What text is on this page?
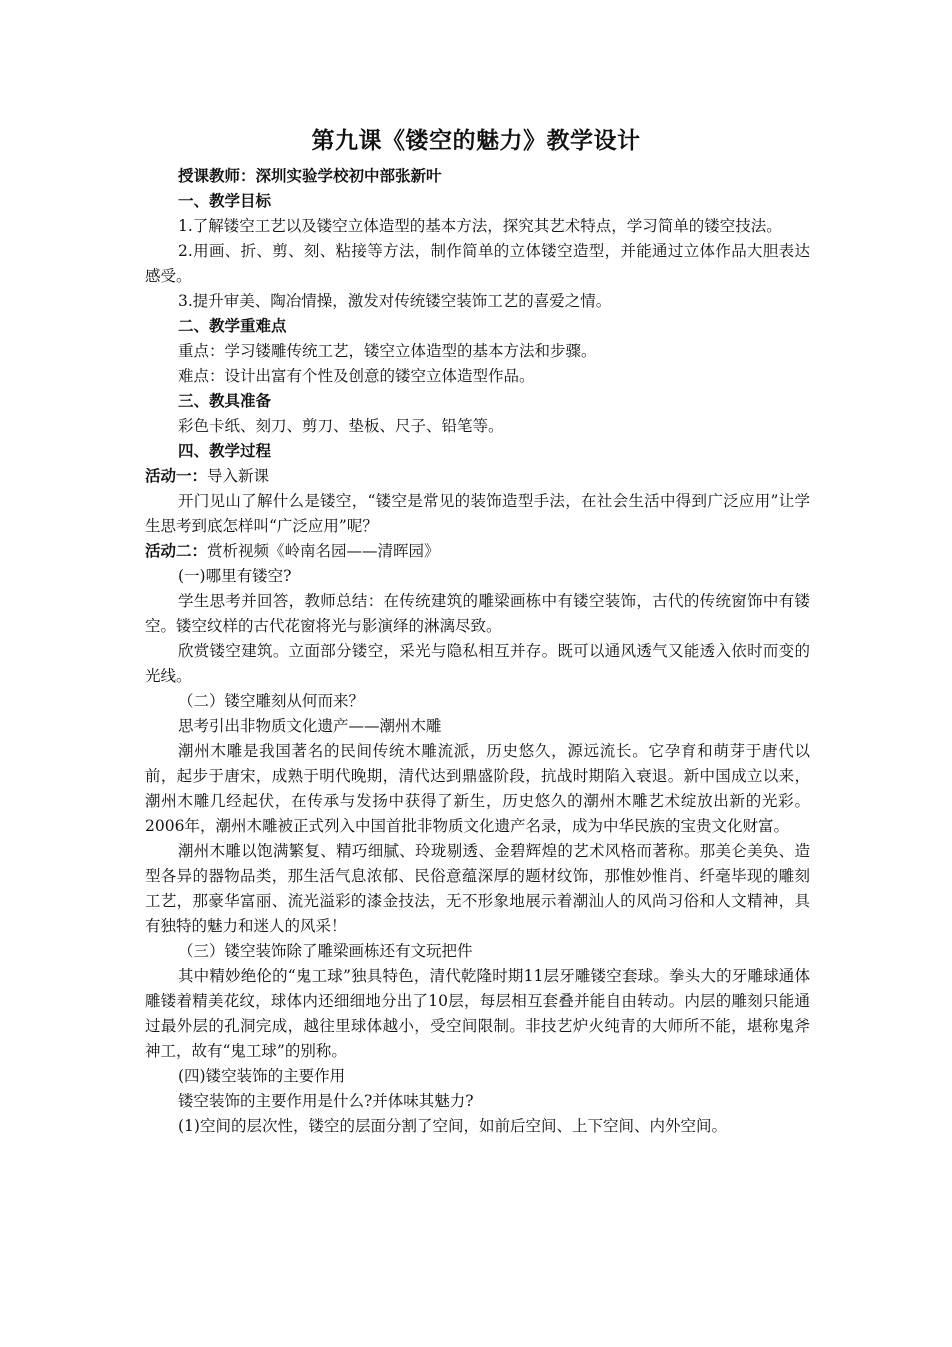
第九课《镂空的魅力》教学设计

授课教师：深圳实验学校初中部张新叶

一、教学目标

1.了解镂空工艺以及镂空立体造型的基本方法，探究其艺术特点，学习简单的镂空技法。

2.用画、折、剪、刻、粘接等方法，制作简单的立体镂空造型，并能通过立体作品大胆表达感受。

3.提升审美、陶冶情操，激发对传统镂空装饰工艺的喜爱之情。

二、教学重难点

重点：学习镂雕传统工艺，镂空立体造型的基本方法和步骤。

难点：设计出富有个性及创意的镂空立体造型作品。

三、教具准备

彩色卡纸、刻刀、剪刀、垫板、尺子、铅笔等。

四、教学过程

活动一：导入新课

开门见山了解什么是镂空，“镂空是常见的装饰造型手法，在社会生活中得到广泛应用”让学生思考到底怎样叫“广泛应用”呢？

活动二：赏析视频《岭南名园——清晖园》

(一)哪里有镂空?

学生思考并回答，教师总结：在传统建筑的雕梁画栋中有镂空装饰，古代的传统窗饰中有镂空。镂空纹样的古代花窗将光与影演绎的淋漓尽致。

欣赏镂空建筑。立面部分镂空，采光与隐私相互并存。既可以通风透气又能透入依时而变的光线。

（二）镂空雕刻从何而来？

思考引出非物质文化遗产——潮州木雕

潮州木雕是我国著名的民间传统木雕流派，历史悠久，源远流长。它孕育和萌芽于唐代以前，起步于唐宋，成熟于明代晚期，清代达到鼎盛阶段，抗战时期陷入衰退。新中国成立以来，潮州木雕几经起伏，在传承与发扬中获得了新生，历史悠久的潮州木雕艺术绽放出新的光彩。2006年，潮州木雕被正式列入中国首批非物质文化遗产名录，成为中华民族的宝贵文化财富。

潮州木雕以饱满繁复、精巧细腻、玲珑剔透、金碧辉煌的艺术风格而著称。那美仑美奂、造型各异的器物品类，那生活气息浓郁、民俗意蕴深厚的题材纹饰，那惟妙惟肖、纤毫毕现的雕刻工艺，那豪华富丽、流光溢彩的漆金技法，无不形象地展示着潮汕人的风尚习俗和人文精神，具有独特的魅力和迷人的风采！

（三）镂空装饰除了雕梁画栋还有文玩把件

其中精妙绝伦的“鬼工球”独具特色，清代乾隆时期11层牙雕镂空套球。拳头大的牙雕球通体雕镂着精美花纹，球体内还细细地分出了10层，每层相互套叠并能自由转动。内层的雕刻只能通过最外层的孔洞完成，越往里球体越小，受空间限制。非技艺炉火纯青的大师所不能，堪称鬼斧神工，故有“鬼工球”的别称。

(四)镂空装饰的主要作用

镂空装饰的主要作用是什么?并体味其魅力?

(1)空间的层次性，镂空的层面分割了空间，如前后空间、上下空间、内外空间。
